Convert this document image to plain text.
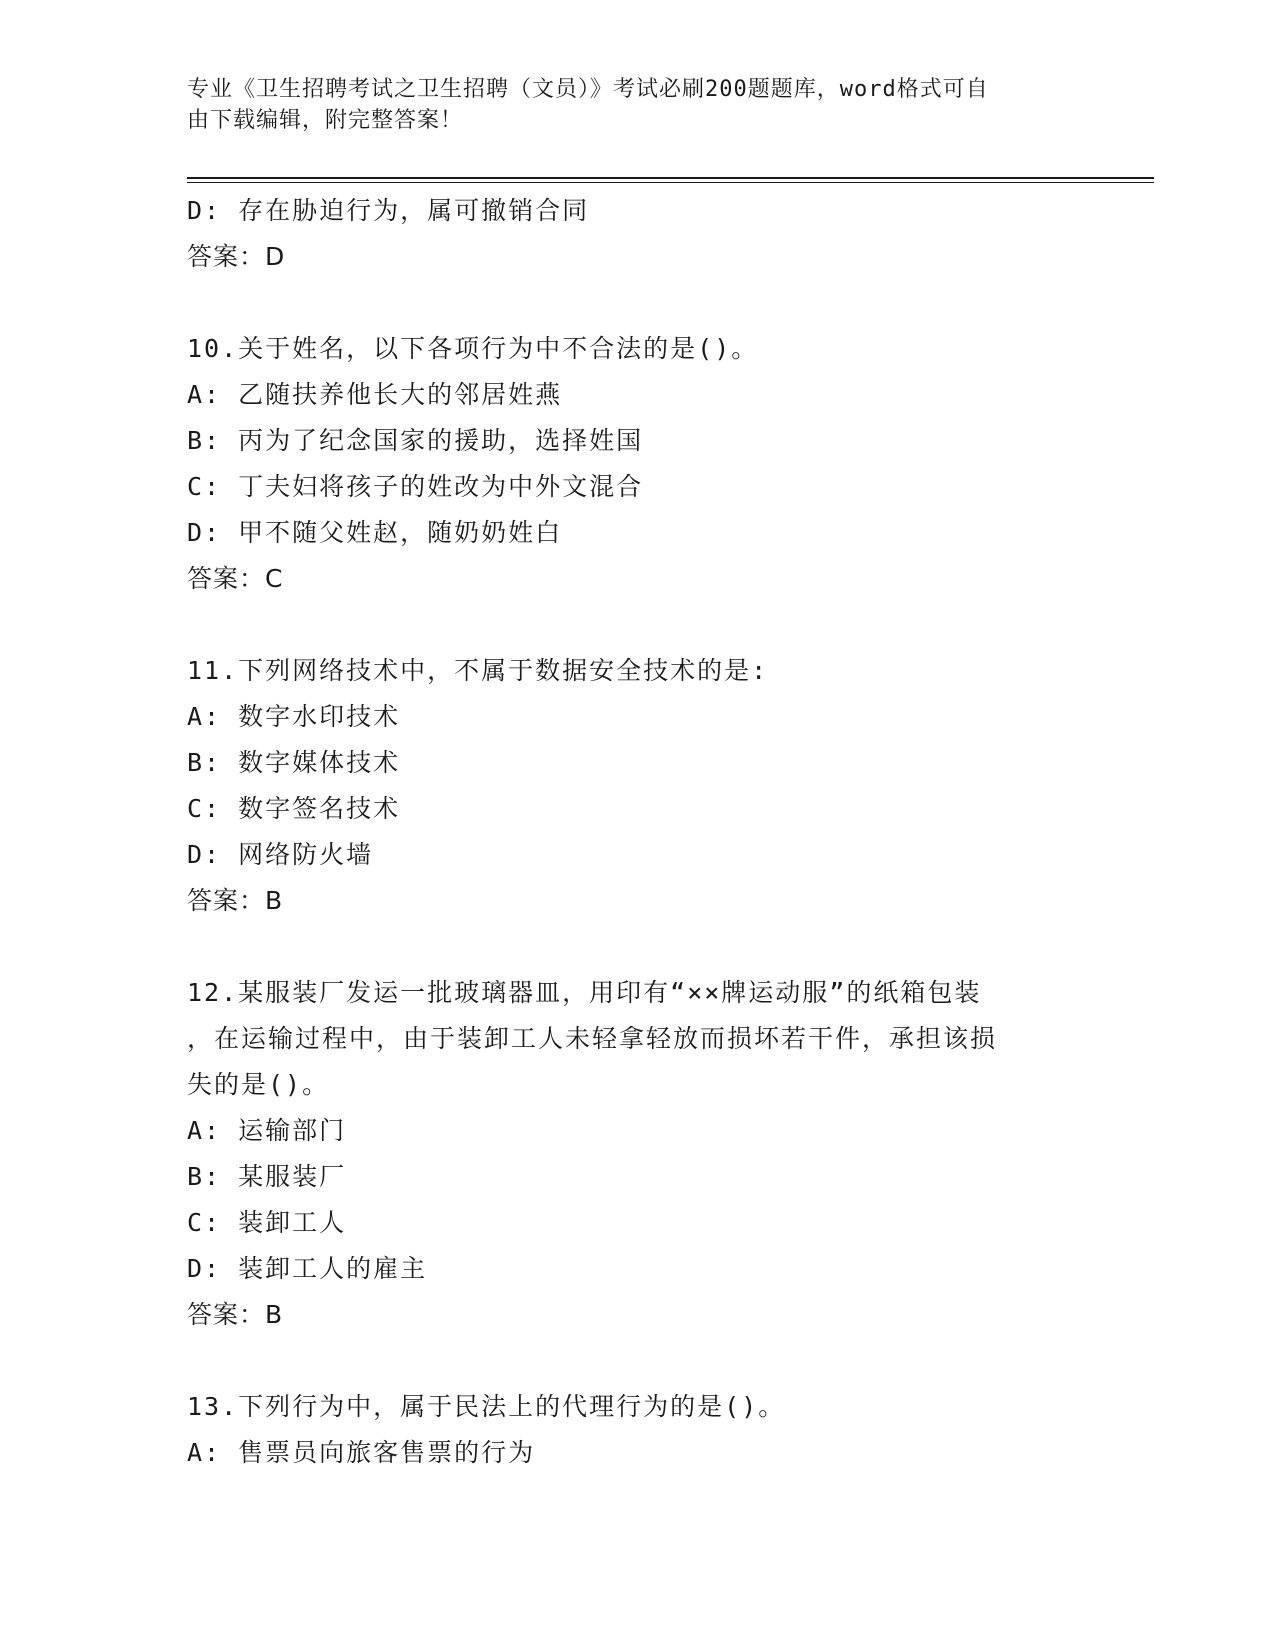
专业《卫生招聘考试之卫生招聘（文员）》考试必刷200题题库，word格式可自
由下载编辑，附完整答案！
D: 存在胁迫行为，属可撤销合同
答案：D
10.关于姓名，以下各项行为中不合法的是()。
A: 乙随扶养他长大的邻居姓燕
B: 丙为了纪念国家的援助，选择姓国
C: 丁夫妇将孩子的姓改为中外文混合
D: 甲不随父姓赵，随奶奶姓白
答案：C
11.下列网络技术中，不属于数据安全技术的是:
A: 数字水印技术
B: 数字媒体技术
C: 数字签名技术
D: 网络防火墙
答案：B
12.某服装厂发运一批玻璃器皿，用印有“××牌运动服”的纸箱包装
，在运输过程中，由于装卸工人未轻拿轻放而损坏若干件，承担该损
失的是()。
A: 运输部门
B: 某服装厂
C: 装卸工人
D: 装卸工人的雇主
答案：B
13.下列行为中，属于民法上的代理行为的是()。
A: 售票员向旅客售票的行为
